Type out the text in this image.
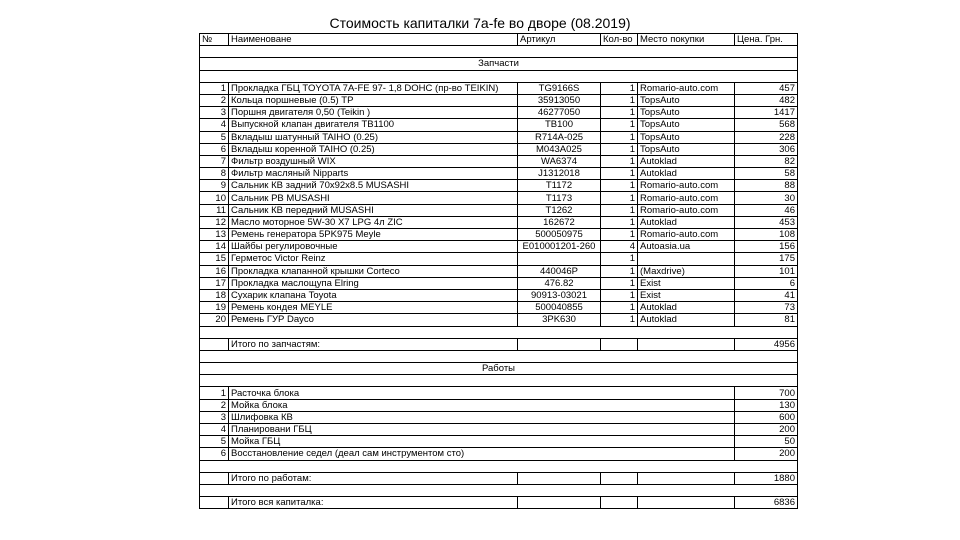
Стоимость капиталки 7a-fe во дворе (08.2019)
№	Наименоване	Артикул	Кол-во	Место покупки	Цена. Грн.

Запчасти					

1	Прокладка ГБЦ TOYOTA 7A-FE 97- 1,8 DOHC (пр-во TEIKIN)	TG9166S	1	Romario-auto.com	457
2	Кольца поршневые (0.5) TP	35913050	1	TopsAuto	482
3	Поршня двигателя 0,50 (Teikin )	46277050	1	TopsAuto	1417
4	Выпускной клапан двигателя TB1100	TB100	1	TopsAuto	568
5	Вкладыш шатунный TAIHO (0.25)	R714A-025	1	TopsAuto	228
6	Вкладыш коренной TAIHO (0.25)	M043A025	1	TopsAuto	306
7	Фильтр воздушный WIX	WA6374	1	Autoklad	82
8	Фильтр масляный Nipparts	J1312018	1	Autoklad	58
9	Сальник КВ задний 70х92х8.5 MUSASHI	T1172	1	Romario-auto.com	88
10	Сальник РВ MUSASHI	T1173	1	Romario-auto.com	30
11	Сальник КВ передний MUSASHI	T1262	1	Romario-auto.com	46
12	Масло моторное 5W-30 X7 LPG 4л ZIC	162672	1	Autoklad	453
13	Ремень генератора 5PK975 Meyle	500050975	1	Romario-auto.com	108
14	Шайбы регулировочные	E010001201-260	4	Autoasia.ua	156
15	Герметос Victor Reinz		1		175
16	Прокладка клапанной крышки Corteco	440046P	1	(Maxdrive)	101
17	Прокладка маслощупа Elring	476.82	1	Exist	6
18	Сухарик клапана Toyota	90913-03021	1	Exist	41
19	Ремень кондея MEYLE	500040855	1	Autoklad	73
20	Ремень ГУР Dayco	3PK630	1	Autoklad	81

	Итого по запчастям:				4956

Работы					

1	Расточка блока				700
2	Мойка блока				130
3	Шлифовка КВ				600
4	Планировани ГБЦ				200
5	Мойка ГБЦ				50
6	Восстановление седел (деал сам инструментом сто)				200

	Итого по работам:				1880

	Итого вся капиталка:				6836
